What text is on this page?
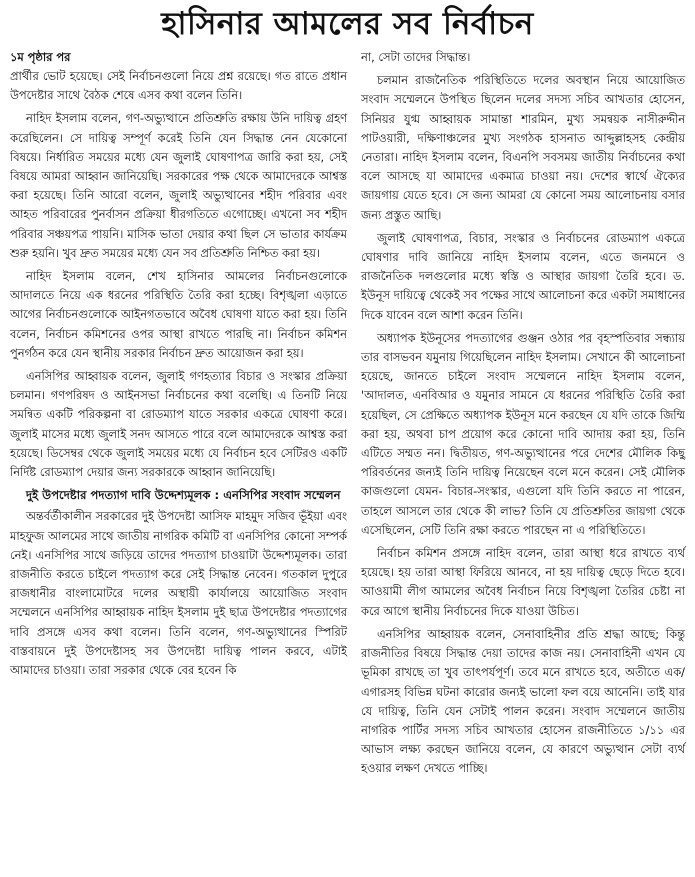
হাসিনার আমলের সব নির্বাচন
১ম পৃষ্ঠার পর

প্রার্থীর ভোট হয়েছে। সেই নির্বাচনগুলো নিয়ে প্রশ্ন রয়েছে। গত রাতে প্রধান উপদেষ্টার সাথে বৈঠক শেষে এসব কথা বলেন তিনি।

নাহিদ ইসলাম বলেন, গণ-অভ্যুত্থানে প্রতিশ্রুতি রক্ষায় উনি দায়িত্ব গ্রহণ করেছিলেন। সে দায়িত্ব সম্পূর্ণ করেই তিনি যেন সিদ্ধান্ত নেন যেকোনো বিষয়ে। নির্ধারিত সময়ের মধ্যে যেন জুলাই ঘোষণাপত্র জারি করা হয়, সেই বিষয়ে আমরা আহ্বান জানিয়েছি। সরকারের পক্ষ থেকে আমাদেরকে আশ্বস্ত করা হয়েছে। তিনি আরো বলেন, জুলাই অভ্যুত্থানের শহীদ পরিবার এবং আহত পরিবারের পুনর্বাসন প্রক্রিয়া ধীরগতিতে এগোচ্ছে। এখনো সব শহীদ পরিবার সঞ্চয়পত্র পায়নি। মাসিক ভাতা দেয়ার কথা ছিল সে ভাতার কার্যক্রম শুরু হয়নি। খুব দ্রুত সময়ের মধ্যে যেন সব প্রতিশ্রুতি নিশ্চিত করা হয়।

নাহিদ ইসলাম বলেন, শেখ হাসিনার আমলের নির্বাচনগুলোকে আদালতে নিয়ে এক ধরনের পরিস্থিতি তৈরি করা হচ্ছে। বিশৃঙ্খলা এড়াতে আগের নির্বাচনগুলোকে আইনগতভাবে অবৈধ ঘোষণা যাতে করা হয়। তিনি বলেন, নির্বাচন কমিশনের ওপর আস্থা রাখতে পারছি না। নির্বাচন কমিশন পুনর্গঠন করে যেন স্থানীয় সরকার নির্বাচন দ্রুত আয়োজন করা হয়।

এনসিপির আহ্বায়ক বলেন, জুলাই গণহত্যার বিচার ও সংস্কার প্রক্রিয়া চলমান। গণপরিষদ ও আইনসভা নির্বাচনের কথা বলেছি। এ তিনটি নিয়ে সমন্বিত একটি পরিকল্পনা বা রোডম্যাপ যাতে সরকার একত্রে ঘোষণা করে। জুলাই মাসের মধ্যে জুলাই সনদ আসতে পারে বলে আমাদেরকে আশ্বস্ত করা হয়েছে। ডিসেম্বর থেকে জুলাই সময়ের মধ্যে যে নির্বাচন হবে সেটিরও একটি নির্দিষ্ট রোডম্যাপ দেয়ার জন্য সরকারকে আহ্বান জানিয়েছি।

দুই উপদেষ্টার পদত্যাগ দাবি উদ্দেশ্যমূলক : এনসিপির সংবাদ সম্মেলন

অন্তর্বর্তীকালীন সরকারের দুই উপদেষ্টা আসিফ মাহমুদ সজিব ভূঁইয়া এবং মাহফুজ আলমের সাথে জাতীয় নাগরিক কমিটি বা এনসিপির কোনো সম্পর্ক নেই। এনসিপির সাথে জড়িয়ে তাদের পদত্যাগ চাওয়াটা উদ্দেশ্যমূলক। তারা রাজনীতি করতে চাইলে পদত্যাগ করে সেই সিদ্ধান্ত নেবেন। গতকাল দুপুরে রাজধানীর বাংলামোটরে দলের অস্থায়ী কার্যালয়ে আয়োজিত সংবাদ সম্মেলনে এনসিপির আহ্বায়ক নাহিদ ইসলাম দুই ছাত্র উপদেষ্টার পদত্যাগের দাবি প্রসঙ্গে এসব কথা বলেন। তিনি বলেন, গণ-অভ্যুত্থানের স্পিরিট বাস্তবায়নে দুই উপদেষ্টাসহ সব উপদেষ্টা দায়িত্ব পালন করবে, এটাই আমাদের চাওয়া। তারা সরকার থেকে বের হবেন কি

না, সেটা তাদের সিদ্ধান্ত।

চলমান রাজনৈতিক পরিস্থিতিতে দলের অবস্থান নিয়ে আয়োজিত সংবাদ সম্মেলনে উপস্থিত ছিলেন দলের সদস্য সচিব আখতার হোসেন, সিনিয়র যুগ্ম আহ্বায়ক সামান্তা শারমিন, মুখ্য সমন্বয়ক নাসীরুদ্দীন পাটওয়ারী, দক্ষিণাঞ্চলের মুখ্য সংগঠক হাসনাত আব্দুল্লাহসহ কেন্দ্রীয় নেতারা। নাহিদ ইসলাম বলেন, বিএনপি সবসময় জাতীয় নির্বাচনের কথা বলে আসছে যা আমাদের একমাত্র চাওয়া নয়। দেশের স্বার্থে ঐক্যের জায়গায় যেতে হবে। সে জন্য আমরা যে কোনো সময় আলোচনায় বসার জন্য প্রস্তুত আছি।

জুলাই ঘোষণাপত্র, বিচার, সংস্কার ও নির্বাচনের রোডম্যাপ একত্রে ঘোষণার দাবি জানিয়ে নাহিদ ইসলাম বলেন, এতে জনমনে ও রাজনৈতিক দলগুলোর মধ্যে স্বস্তি ও আস্থার জায়গা তৈরি হবে। ড. ইউনূস দায়িত্বে থেকেই সব পক্ষের সাথে আলোচনা করে একটা সমাধানের দিকে যাবেন বলে আশা করেন তিনি।

অধ্যাপক ইউনূসের পদত্যাগের গুঞ্জন ওঠার পর বৃহস্পতিবার সন্ধ্যায় তার বাসভবন যমুনায় গিয়েছিলেন নাহিদ ইসলাম। সেখানে কী আলোচনা হয়েছে, জানতে চাইলে সংবাদ সম্মেলনে নাহিদ ইসলাম বলেন, 'আদালত, এনবিআর ও যমুনার সামনে যে ধরনের পরিস্থিতি তৈরি করা হয়েছিল, সে প্রেক্ষিতে অধ্যাপক ইউনূস মনে করছেন যে যদি তাকে জিম্মি করা হয়, অথবা চাপ প্রয়োগ করে কোনো দাবি আদায় করা হয়, তিনি এটিতে সম্মত নন। দ্বিতীয়ত, গণ-অভ্যুত্থানের পরে দেশের মৌলিক কিছু পরিবর্তনের জন্যই তিনি দায়িত্ব নিয়েছেন বলে মনে করেন। সেই মৌলিক কাজগুলো যেমন- বিচার-সংস্কার, এগুলো যদি তিনি করতে না পারেন, তাহলে আসলে তার থেকে কী লাভ? তিনি যে প্রতিশ্রুতির জায়গা থেকে এসেছিলেন, সেটি তিনি রক্ষা করতে পারছেন না এ পরিস্থিতিতে।

নির্বাচন কমিশন প্রসঙ্গে নাহিদ বলেন, তারা আস্থা ধরে রাখতে ব্যর্থ হয়েছে। হয় তারা আস্থা ফিরিয়ে আনবে, না হয় দায়িত্ব ছেড়ে দিতে হবে। আওয়ামী লীগ আমলের অবৈধ নির্বাচন নিয়ে বিশৃঙ্খলা তৈরির চেষ্টা না করে আগে স্থানীয় নির্বাচনের দিকে যাওয়া উচিত।

এনসিপির আহ্বায়ক বলেন, সেনাবাহিনীর প্রতি শ্রদ্ধা আছে; কিন্তু রাজনীতির বিষয়ে সিদ্ধান্ত দেয়া তাদের কাজ নয়। সেনাবাহিনী এখন যে ভূমিকা রাখছে তা খুব তাৎপর্যপূর্ণ। তবে মনে রাখতে হবে, অতীতে এক/এগারসহ বিভিন্ন ঘটনা কারোর জন্যই ভালো ফল বয়ে আনেনি। তাই যার যে দায়িত্ব, তিনি যেন সেটাই পালন করেন। সংবাদ সম্মেলনে জাতীয় নাগরিক পার্টির সদস্য সচিব আখতার হোসেন রাজনীতিতে ১/১১ এর আভাস লক্ষ্য করছেন জানিয়ে বলেন, যে কারণে অভ্যুত্থান সেটা ব্যর্থ হওয়ার লক্ষণ দেখতে পাচ্ছি।
